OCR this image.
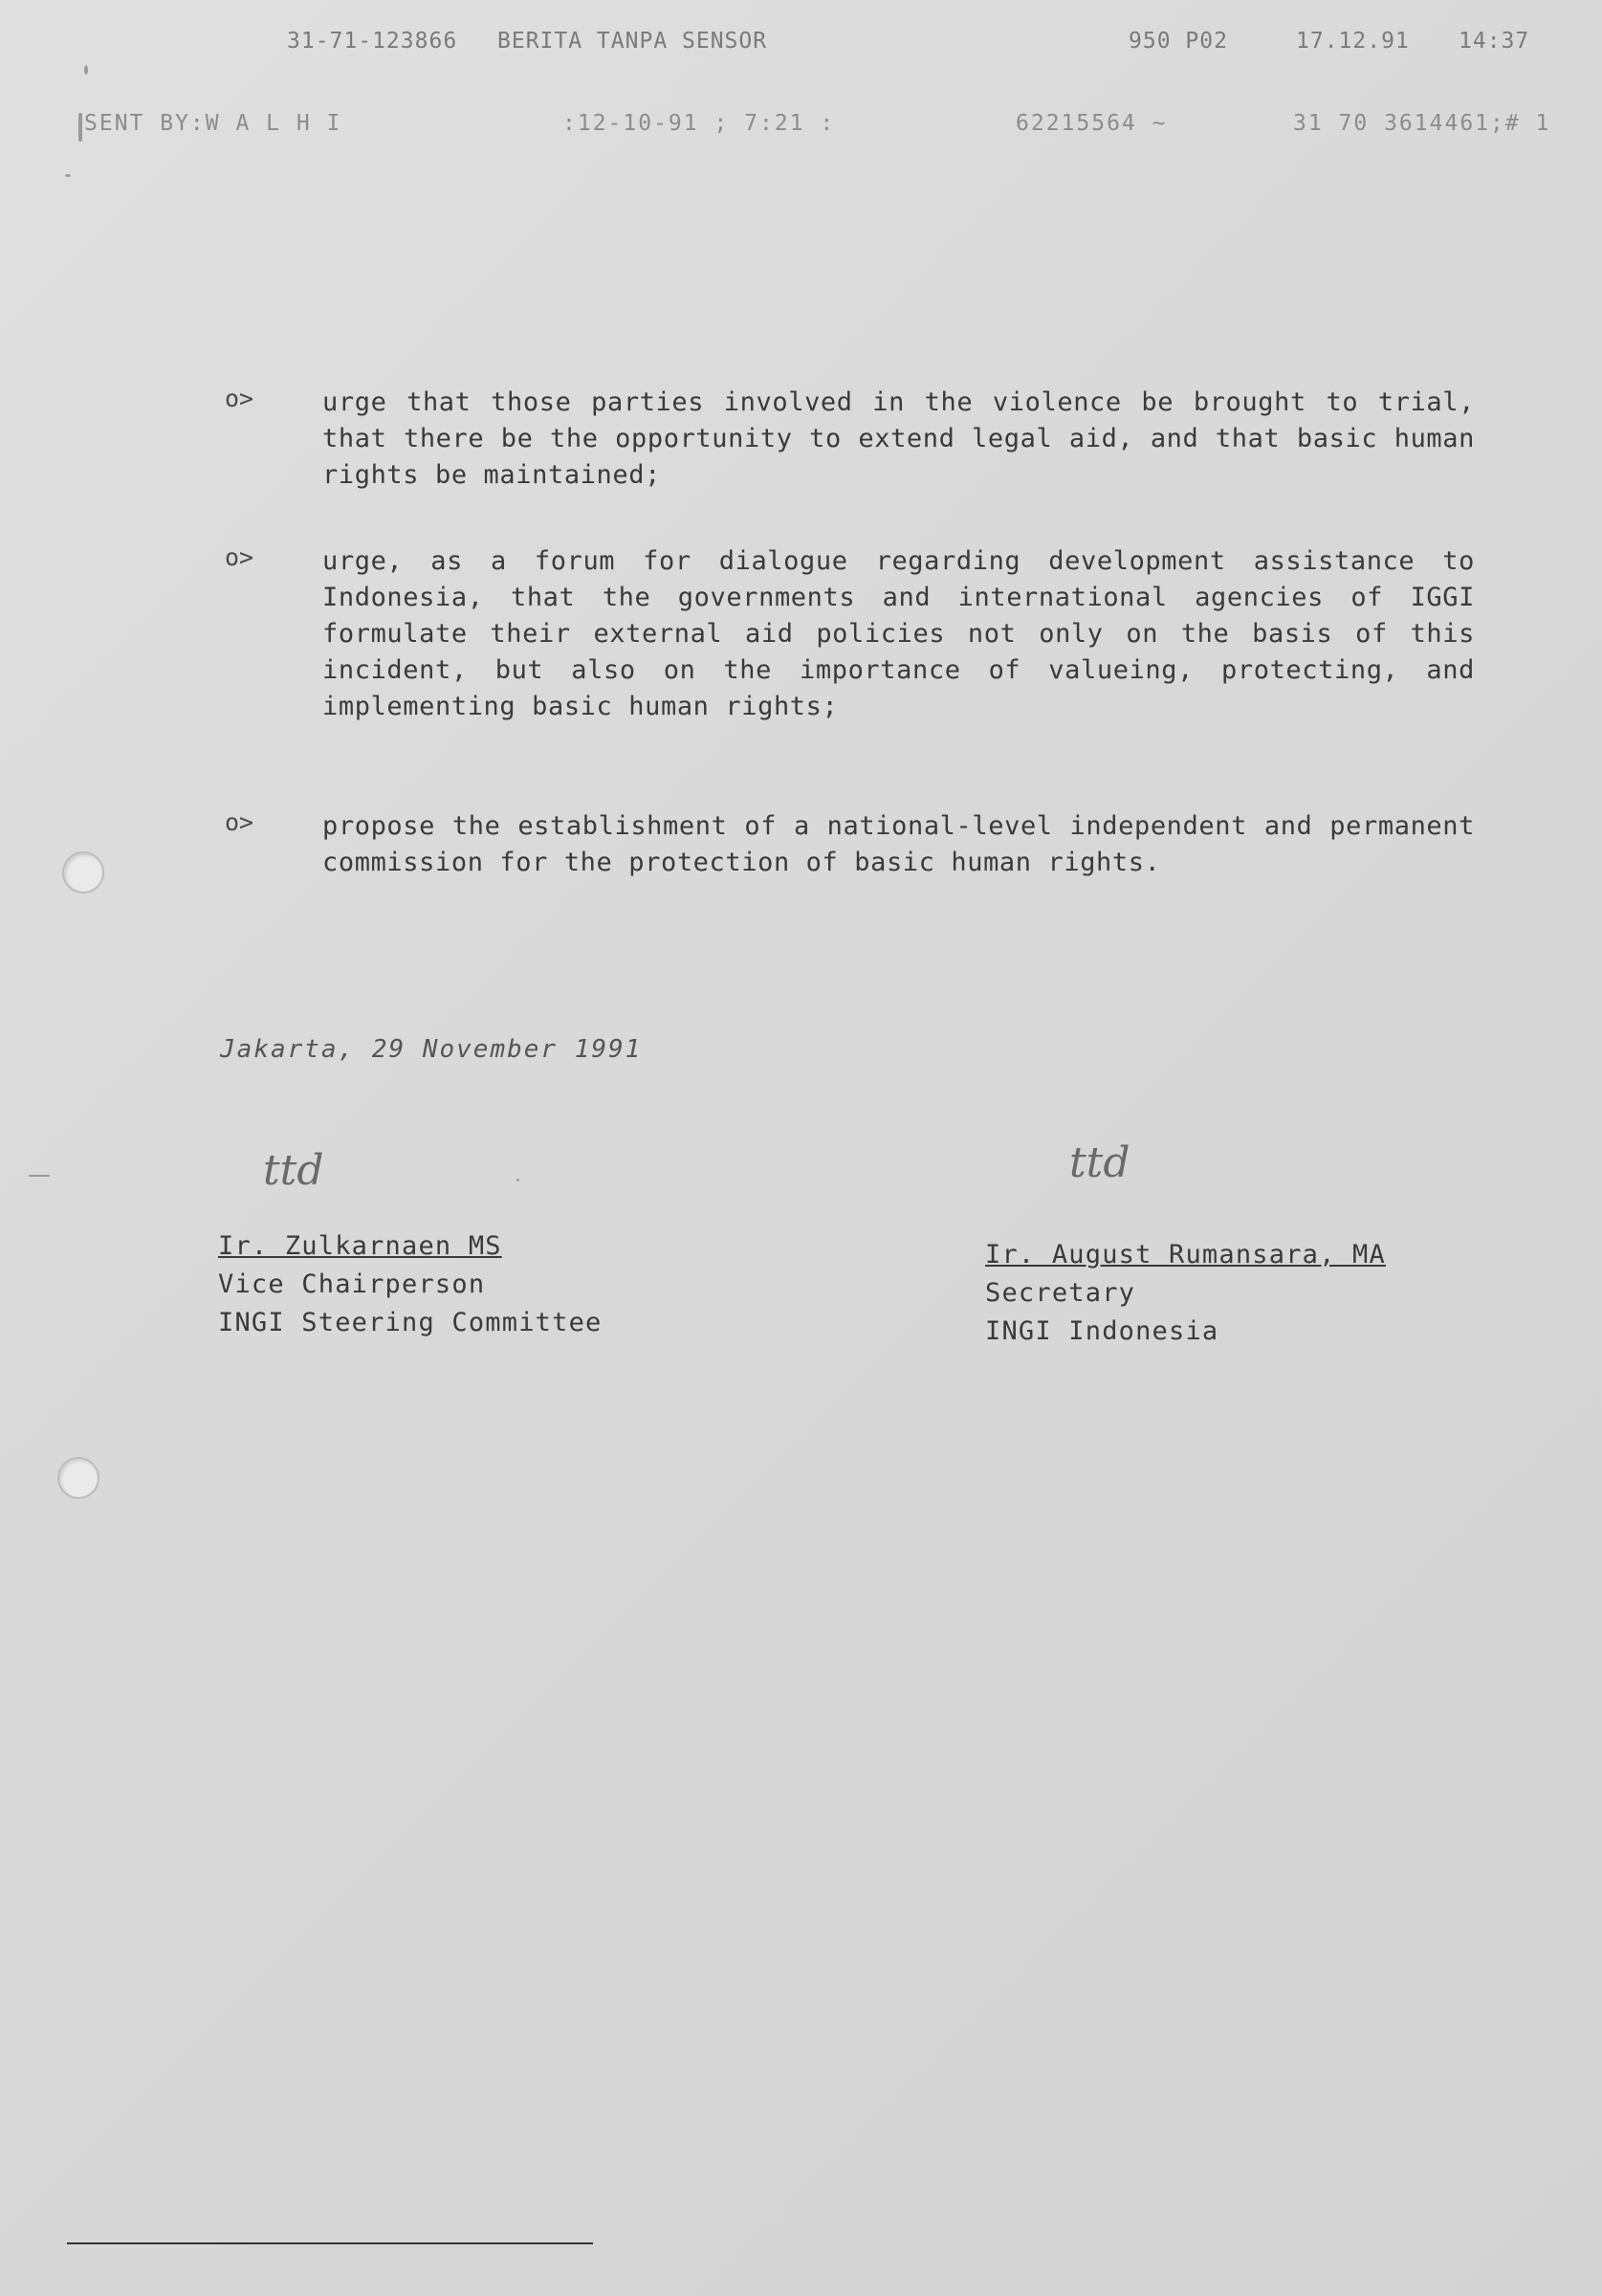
31-71-123866 BERITA TANPA SENSOR	950 P02	17.12.91 14:37
SENT BY:W A L H I	:12-10-91 ; 7:21 :	62215564 ~	31 70 3614461;# 1
o>	urge that those parties involved in the violence be brought to trial, that there be the opportunity to extend legal aid, and that basic human rights be maintained;
o>	urge, as a forum for dialogue regarding development assistance to Indonesia, that the governments and international agencies of IGGI formulate their external aid policies not only on the basis of this incident, but also on the importance of valueing, protecting, and implementing basic human rights;
o>	propose the establishment of a national-level independent and permanent commission for the protection of basic human rights.
Jakarta, 29 November 1991
ttd	ttd
Ir. Zulkarnaen MS
Vice Chairperson
INGI Steering Committee
Ir. August Rumansara, MA
Secretary
INGI Indonesia
